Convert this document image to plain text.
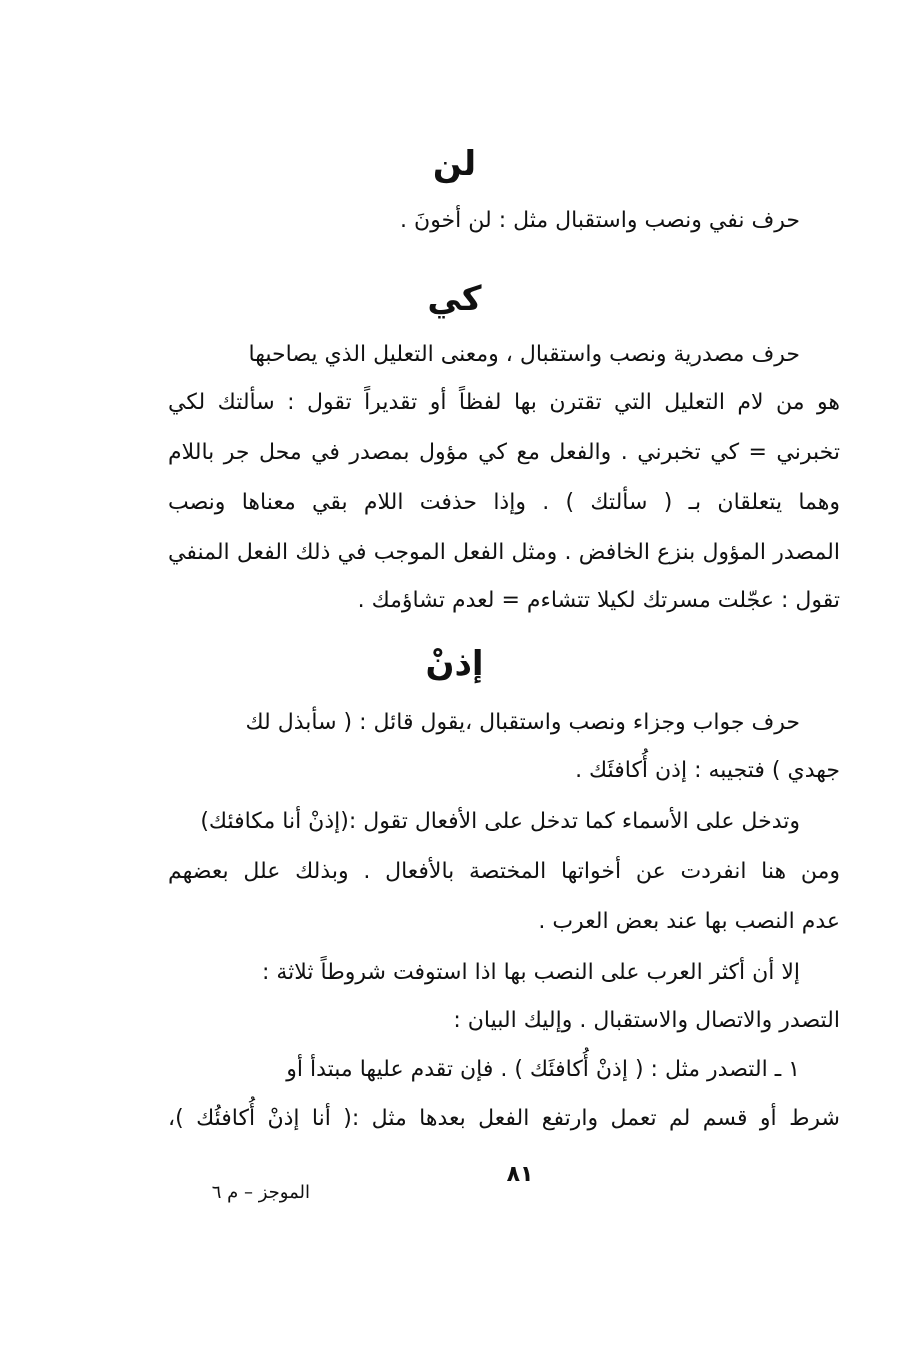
لن
حرف نفي ونصب واستقبال مثل : لن أخونَ .
كي
حرف مصدرية ونصب واستقبال ، ومعنى التعليل الذي يصاحبها
هو من لام التعليل التي تقترن بها لفظاً أو تقديراً تقول : سألتك لكي
تخبرني = كي تخبرني . والفعل مع كي مؤول بمصدر في محل جر باللام
وهما يتعلقان بـ ( سألتك ) . وإذا حذفت اللام بقي معناها ونصب
المصدر المؤول بنزع الخافض . ومثل الفعل الموجب في ذلك الفعل المنفي
تقول : عجّلت مسرتك لكيلا تتشاءم = لعدم تشاؤمك .
إذنْ
حرف جواب وجزاء ونصب واستقبال ،يقول قائل : ( سأبذل لك
جهدي ) فتجيبه : إذن أُكافئَك .
وتدخل على الأسماء كما تدخل على الأفعال تقول :(إذنْ أنا مكافئك)
ومن هنا انفردت عن أخواتها المختصة بالأفعال . وبذلك علل بعضهم
عدم النصب بها عند بعض العرب .
إلا أن أكثر العرب على النصب بها اذا استوفت شروطاً ثلاثة :
التصدر والاتصال والاستقبال . وإليك البيان :
١ ـ التصدر مثل : ( إذنْ أُكافئَك ) . فإن تقدم عليها مبتدأ أو
شرط أو قسم لم تعمل وارتفع الفعل بعدها مثل :( أنا إذنْ أُكافئُك )،
٨١
الموجز – م ٦
